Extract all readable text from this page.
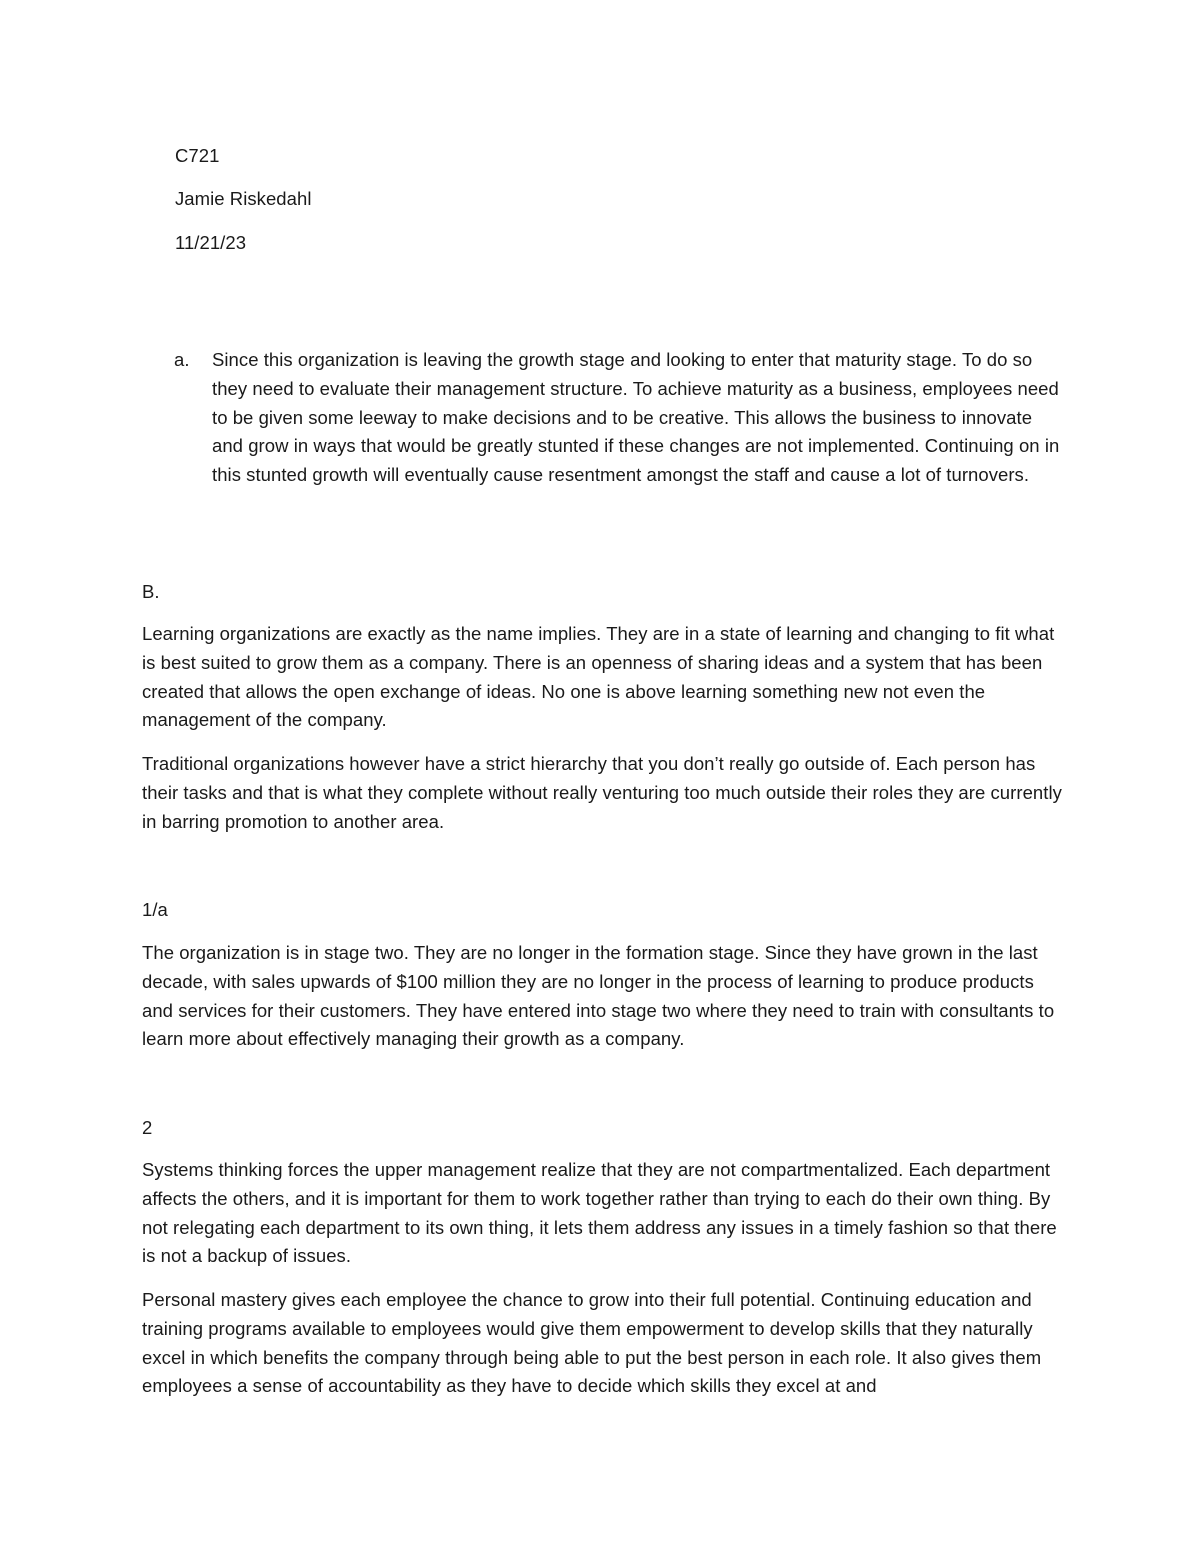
C721

Jamie Riskedahl

11/21/23

a. Since this organization is leaving the growth stage and looking to enter that maturity stage. To do so they need to evaluate their management structure. To achieve maturity as a business, employees need to be given some leeway to make decisions and to be creative. This allows the business to innovate and grow in ways that would be greatly stunted if these changes are not implemented. Continuing on in this stunted growth will eventually cause resentment amongst the staff and cause a lot of turnovers.

B.

Learning organizations are exactly as the name implies. They are in a state of learning and changing to fit what is best suited to grow them as a company. There is an openness of sharing ideas and a system that has been created that allows the open exchange of ideas. No one is above learning something new not even the management of the company.

Traditional organizations however have a strict hierarchy that you don’t really go outside of. Each person has their tasks and that is what they complete without really venturing too much outside their roles they are currently in barring promotion to another area.

1/a

The organization is in stage two. They are no longer in the formation stage. Since they have grown in the last decade, with sales upwards of $100 million they are no longer in the process of learning to produce products and services for their customers. They have entered into stage two where they need to train with consultants to learn more about effectively managing their growth as a company.

2

Systems thinking forces the upper management realize that they are not compartmentalized. Each department affects the others, and it is important for them to work together rather than trying to each do their own thing. By not relegating each department to its own thing, it lets them address any issues in a timely fashion so that there is not a backup of issues.

Personal mastery gives each employee the chance to grow into their full potential. Continuing education and training programs available to employees would give them empowerment to develop skills that they naturally excel in which benefits the company through being able to put the best person in each role. It also gives them employees a sense of accountability as they have to decide which skills they excel at and
